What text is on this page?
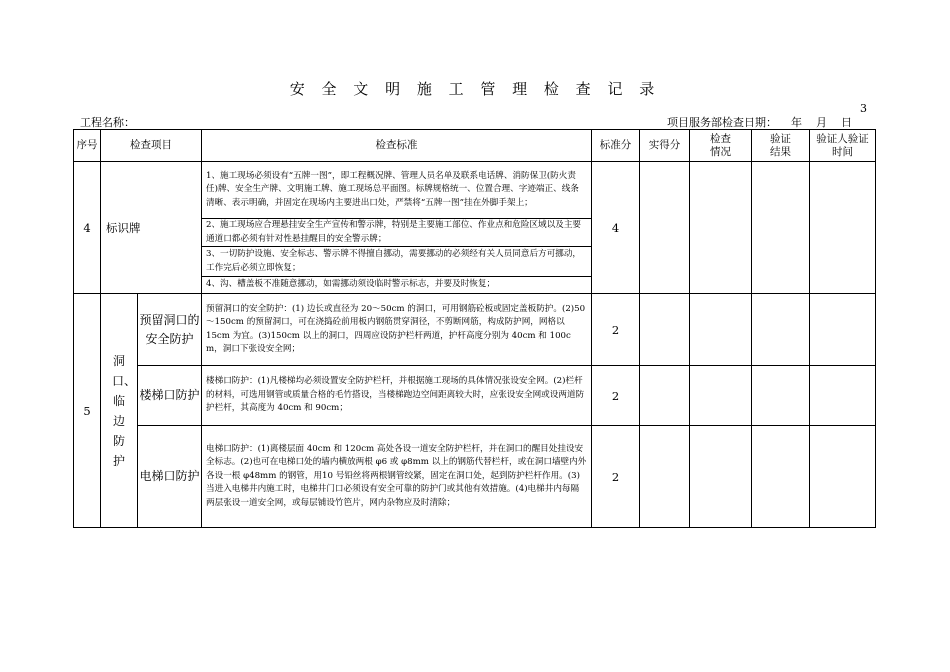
安 全 文 明 施 工 管 理 检 查 记 录
3
工程名称：	项目服务部检查日期：    年    月    日
序号	检查项目		检查标准	标准分	实得分	检查情况	验证结果	验证人验证时间

4	标识牌		1、施工现场必须设有“五牌一图”，即工程概况牌、管理人员名单及联系电话牌、消防保卫(防火责任)牌、安全生产牌、文明施工牌、施工现场总平面图。标牌规格统一、位置合理、字迹端正、线条清晰、表示明确，并固定在现场内主要进出口处，严禁将“五牌一图”挂在外脚手架上；	4				
			2、施工现场应合理悬挂安全生产宣传和警示牌，特别是主要施工部位、作业点和危险区域以及主要通道口都必须有针对性悬挂醒目的安全警示牌；					
			3、一切防护设施、安全标志、警示牌不得擅自挪动，需要挪动的必须经有关人员同意后方可挪动，工作完后必须立即恢复；					
			4、沟、槽盖板不准随意挪动，如需挪动须设临时警示标志，并要及时恢复；					
5	洞口、临边防护	预留洞口的安全防护	预留洞口的安全防护：(1) 边长或直径为 20～50cm 的洞口，可用钢筋砼板或固定盖板防护。(2)50～150cm 的预留洞口，可在浇捣砼前用板内钢筋贯穿洞径，不剪断网筋，构成防护网，网格以 15cm 为宜。(3)150cm 以上的洞口，四周应设防护栏杆两道，护杆高度分别为 40cm 和 100c m，洞口下张设安全网；	2				
		楼梯口防护	楼梯口防护：(1)凡楼梯均必须设置安全防护栏杆，并根据施工现场的具体情况张设安全网。(2)栏杆的材料，可选用钢管或质量合格的毛竹搭设，当楼梯跑边空间距离较大时，应张设安全网或设两道防护栏杆，其高度为 40cm 和 90cm；	2				
		电梯口防护	电梯口防护：(1)离楼层面 40cm 和 120cm 高处各设一道安全防护栏杆，并在洞口的醒目处挂设安全标志。(2)也可在电梯口处的墙内横放两根 φ6 或 φ8mm 以上的钢筋代替栏杆，或在洞口墙壁内外各设一根 φ48mm 的钢管，用10 号铅丝将两根钢管绞紧，固定在洞口处，起到防护栏杆作用。(3)当进入电梯井内施工时，电梯井门口必须设有安全可靠的防护门或其他有效措施。(4)电梯井内每隔两层张设一道安全网，或每层铺设竹笆片，网内杂物应及时清除；	2				
